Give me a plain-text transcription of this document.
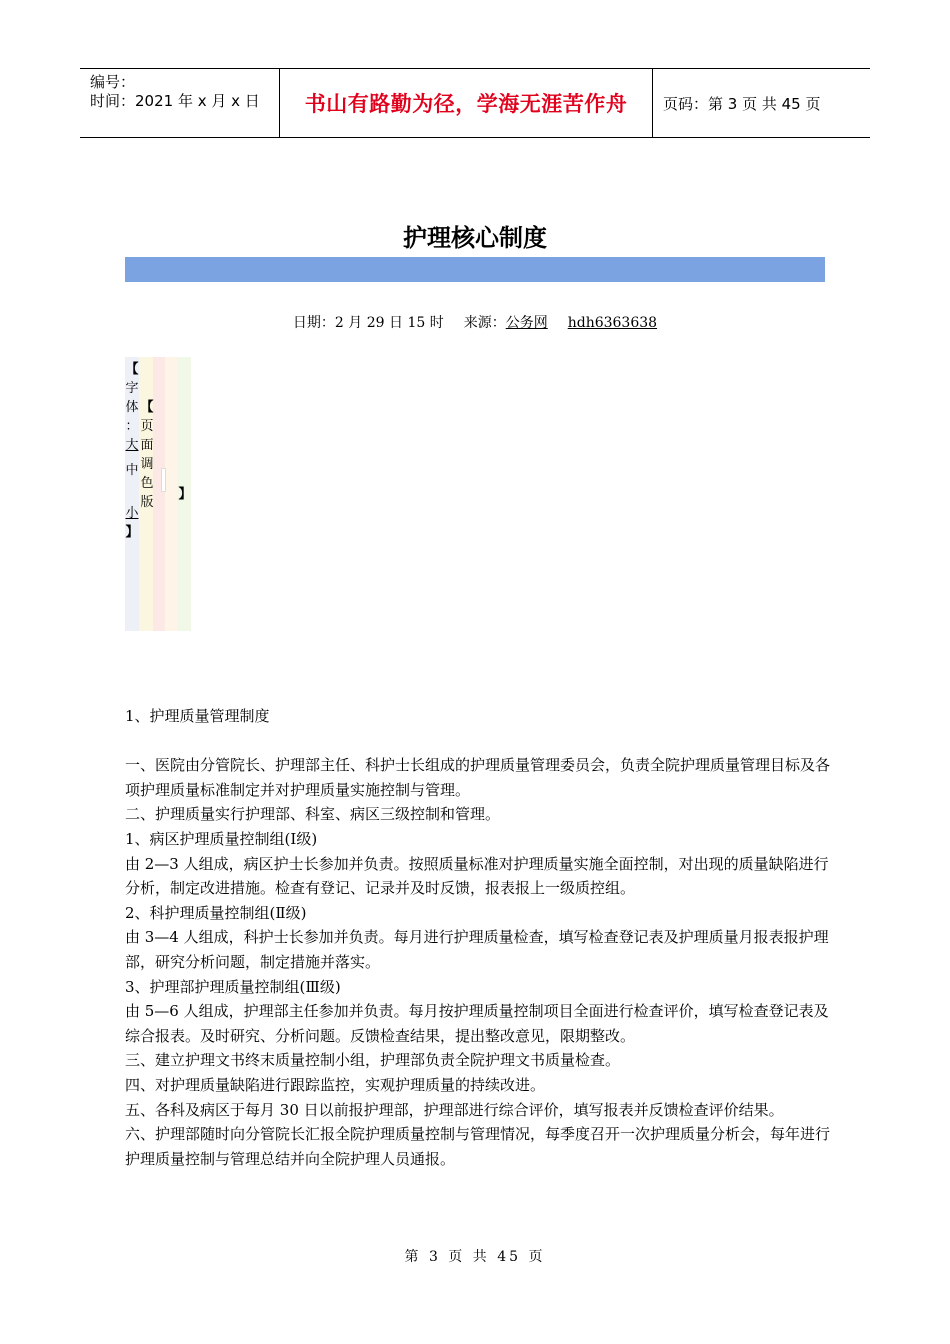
编号：
时间：2021 年 x 月 x 日	书山有路勤为径，学海无涯苦作舟 页码：第 3 页 共 45 页
护理核心制度
日期：2 月 29 日 15 时 来源：公务网 hdh6363638
【
字
体
：
大
中
小
】
【
页
面
调
色
版
】

1、护理质量管理制度

一、医院由分管院长、护理部主任、科护士长组成的护理质量管理委员会，负责全院护理质量管理目标及各项护理质量标准制定并对护理质量实施控制与管理。

二、护理质量实行护理部、科室、病区三级控制和管理。

1、病区护理质量控制组(Ⅰ级)

由 2—3 人组成，病区护士长参加并负责。按照质量标准对护理质量实施全面控制，对出现的质量缺陷进行分析，制定改进措施。检查有登记、记录并及时反馈，报表报上一级质控组。

2、科护理质量控制组(Ⅱ级)

由 3—4 人组成，科护士长参加并负责。每月进行护理质量检查，填写检查登记表及护理质量月报表报护理部，研究分析问题，制定措施并落实。

3、护理部护理质量控制组(Ⅲ级)

由 5—6 人组成，护理部主任参加并负责。每月按护理质量控制项目全面进行检查评价，填写检查登记表及综合报表。及时研究、分析问题。反馈检查结果，提出整改意见，限期整改。

三、建立护理文书终末质量控制小组，护理部负责全院护理文书质量检查。

四、对护理质量缺陷进行跟踪监控，实观护理质量的持续改进。

五、各科及病区于每月 30 日以前报护理部，护理部进行综合评价，填写报表并反馈检查评价结果。

六、护理部随时向分管院长汇报全院护理质量控制与管理情况，每季度召开一次护理质量分析会，每年进行护理质量控制与管理总结并向全院护理人员通报。

第 3 页 共 45 页
